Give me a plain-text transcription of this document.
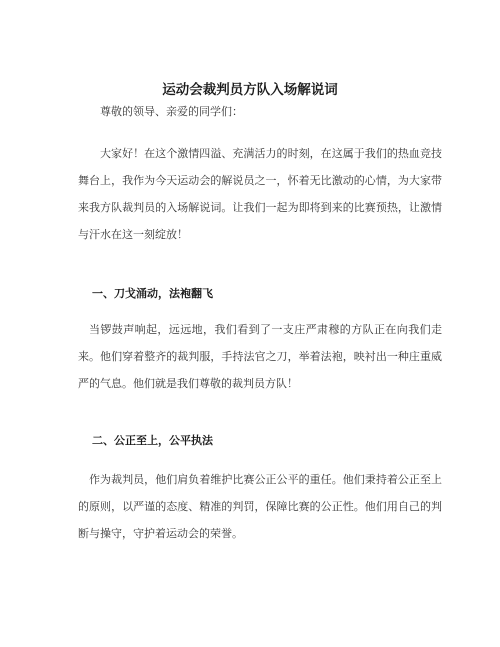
运动会裁判员方队入场解说词

尊敬的领导、亲爱的同学们：

大家好！在这个激情四溢、充满活力的时刻，在这属于我们的热血竞技舞台上，我作为今天运动会的解说员之一，怀着无比激动的心情，为大家带来我方队裁判员的入场解说词。让我们一起为即将到来的比赛预热，让激情与汗水在这一刻绽放！

一、刀戈涌动，法袍翻飞

当锣鼓声响起，远远地，我们看到了一支庄严肃穆的方队正在向我们走来。他们穿着整齐的裁判服，手持法官之刀，举着法袍，映衬出一种庄重威严的气息。他们就是我们尊敬的裁判员方队！

二、公正至上，公平执法

作为裁判员，他们肩负着维护比赛公正公平的重任。他们秉持着公正至上的原则，以严谨的态度、精准的判罚，保障比赛的公正性。他们用自己的判断与操守，守护着运动会的荣誉。
